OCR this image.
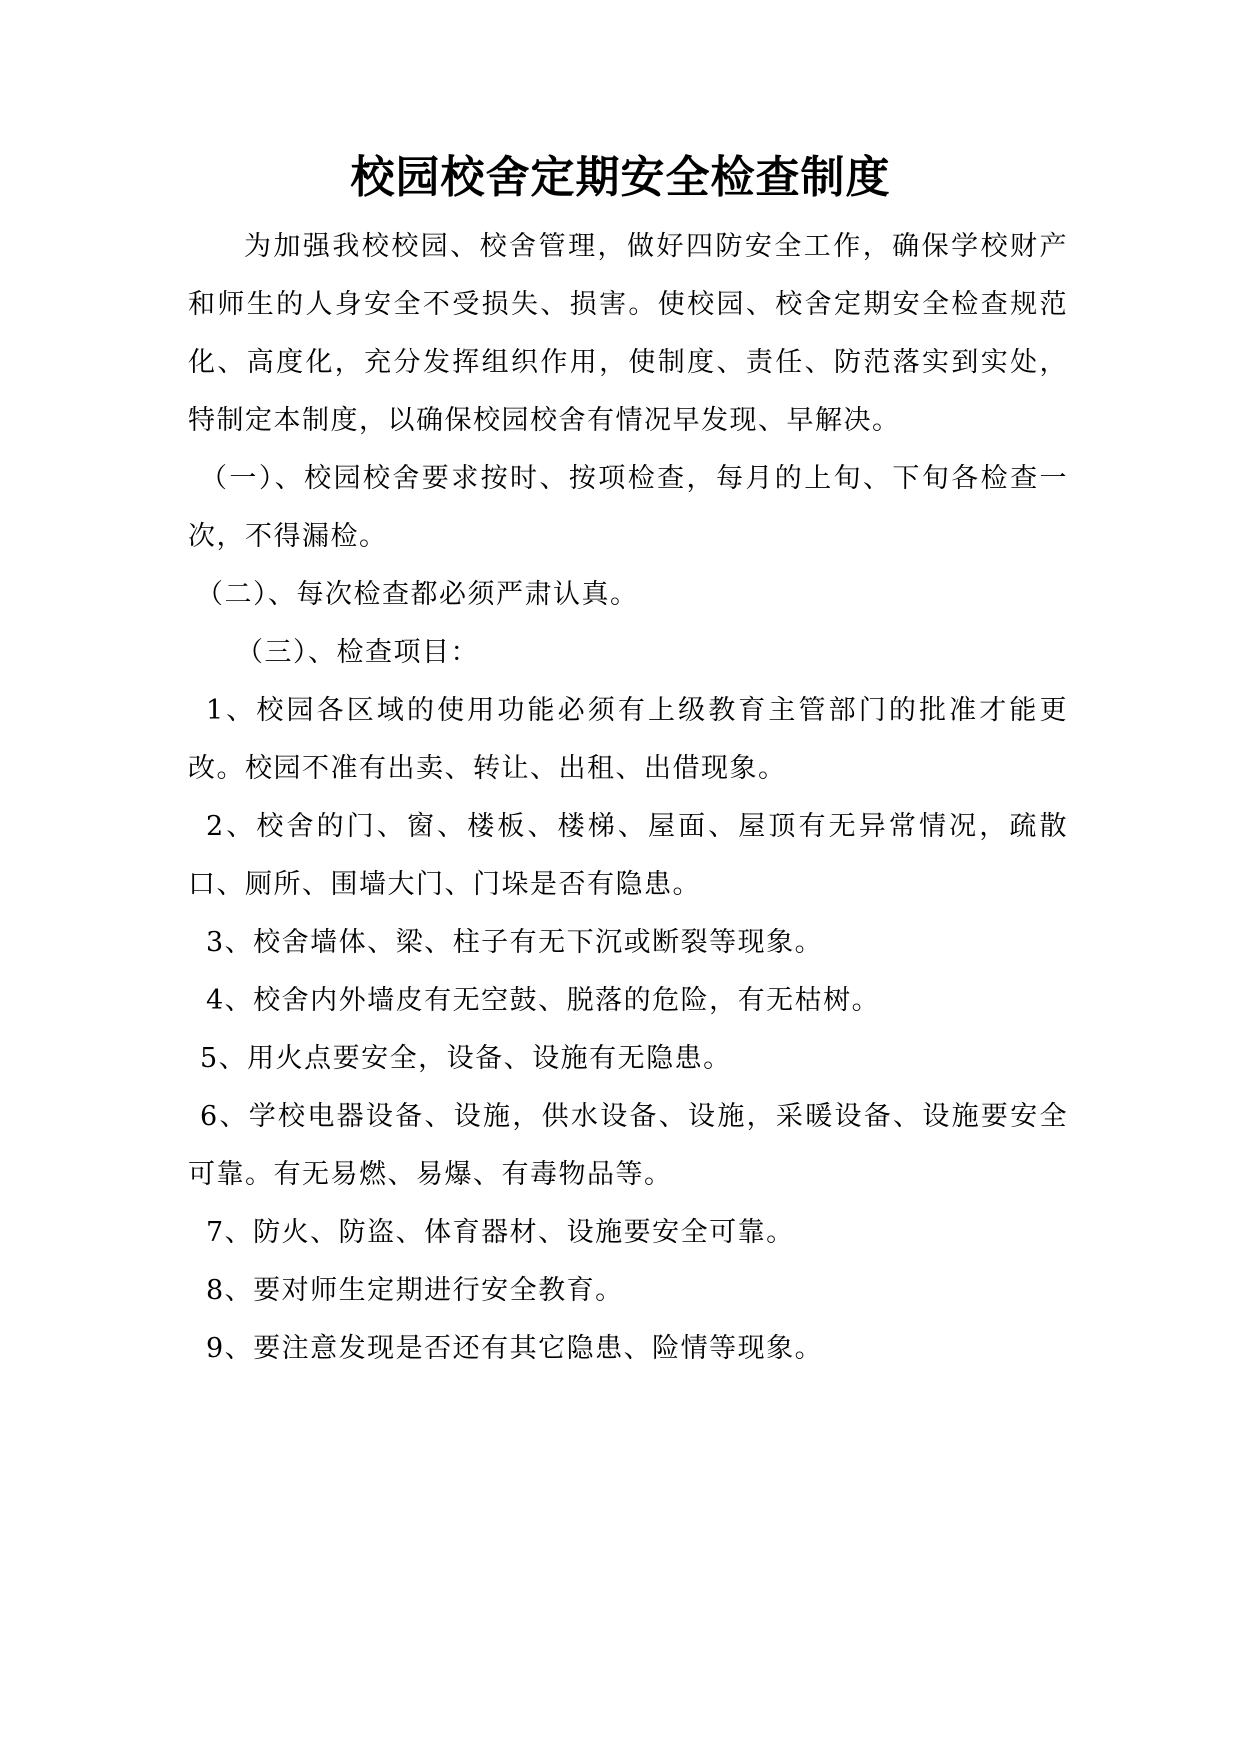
校园校舍定期安全检查制度

为加强我校校园、校舍管理，做好四防安全工作，确保学校财产和师生的人身安全不受损失、损害。使校园、校舍定期安全检查规范化、高度化，充分发挥组织作用，使制度、责任、防范落实到实处，特制定本制度，以确保校园校舍有情况早发现、早解决。

（一）、校园校舍要求按时、按项检查，每月的上旬、下旬各检查一次，不得漏检。

（二）、每次检查都必须严肃认真。

（三）、检查项目：

1、校园各区域的使用功能必须有上级教育主管部门的批准才能更改。校园不准有出卖、转让、出租、出借现象。

2、校舍的门、窗、楼板、楼梯、屋面、屋顶有无异常情况，疏散口、厕所、围墙大门、门垛是否有隐患。

3、校舍墙体、梁、柱子有无下沉或断裂等现象。

4、校舍内外墙皮有无空鼓、脱落的危险，有无枯树。

5、用火点要安全，设备、设施有无隐患。

6、学校电器设备、设施，供水设备、设施，采暖设备、设施要安全可靠。有无易燃、易爆、有毒物品等。

7、防火、防盗、体育器材、设施要安全可靠。

8、要对师生定期进行安全教育。

9、要注意发现是否还有其它隐患、险情等现象。
